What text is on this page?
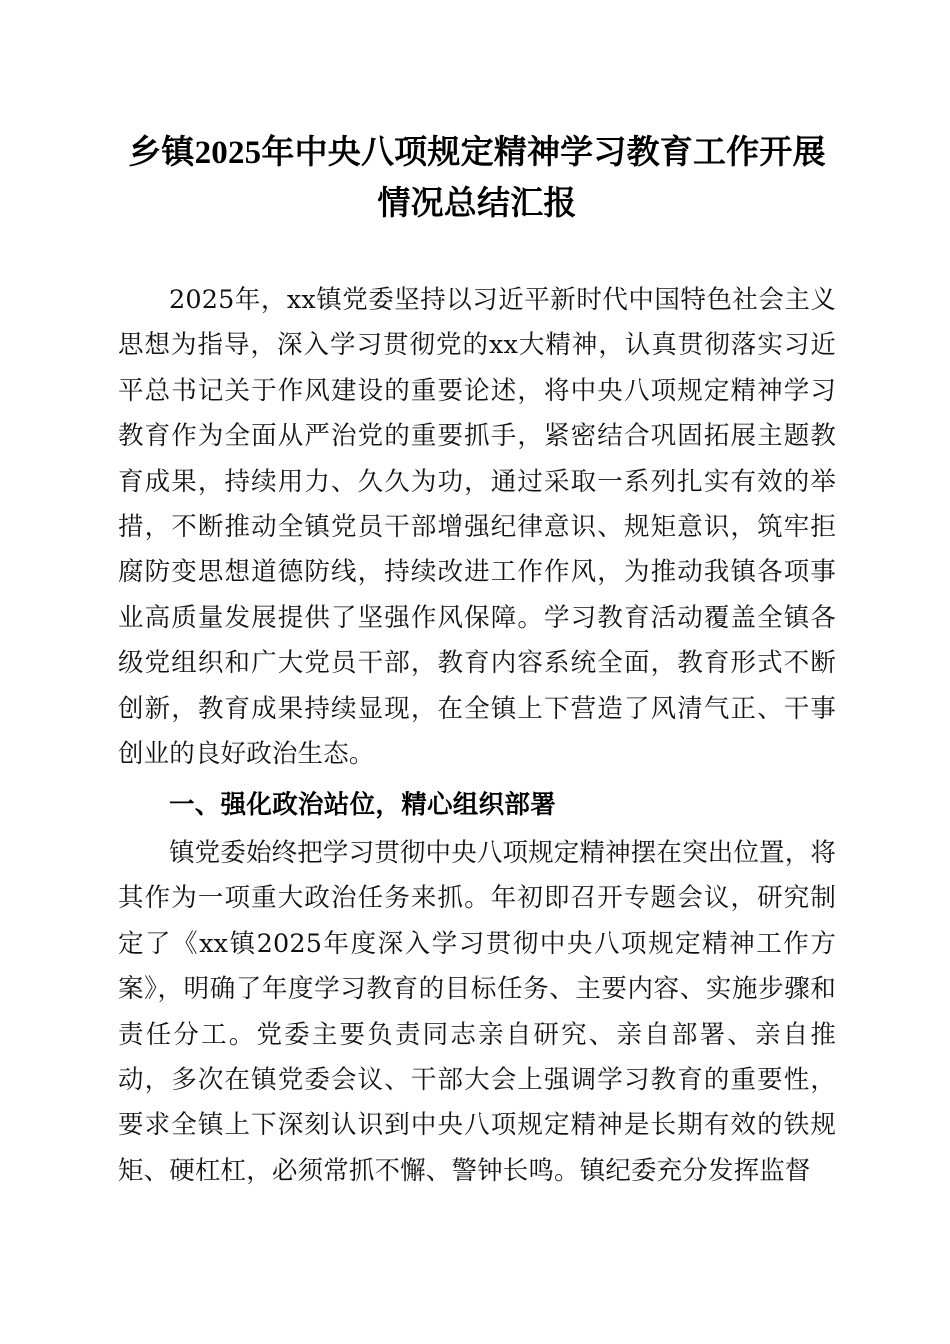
乡镇2025年中央八项规定精神学习教育工作开展情况总结汇报

2025年，xx镇党委坚持以习近平新时代中国特色社会主义思想为指导，深入学习贯彻党的xx大精神，认真贯彻落实习近平总书记关于作风建设的重要论述，将中央八项规定精神学习教育作为全面从严治党的重要抓手，紧密结合巩固拓展主题教育成果，持续用力、久久为功，通过采取一系列扎实有效的举措，不断推动全镇党员干部增强纪律意识、规矩意识，筑牢拒腐防变思想道德防线，持续改进工作作风，为推动我镇各项事业高质量发展提供了坚强作风保障。学习教育活动覆盖全镇各级党组织和广大党员干部，教育内容系统全面，教育形式不断创新，教育成果持续显现，在全镇上下营造了风清气正、干事创业的良好政治生态。

一、强化政治站位，精心组织部署

镇党委始终把学习贯彻中央八项规定精神摆在突出位置，将其作为一项重大政治任务来抓。年初即召开专题会议，研究制定了《xx镇2025年度深入学习贯彻中央八项规定精神工作方案》，明确了年度学习教育的目标任务、主要内容、实施步骤和责任分工。党委主要负责同志亲自研究、亲自部署、亲自推动，多次在镇党委会议、干部大会上强调学习教育的重要性，要求全镇上下深刻认识到中央八项规定精神是长期有效的铁规矩、硬杠杠，必须常抓不懈、警钟长鸣。镇纪委充分发挥监督
